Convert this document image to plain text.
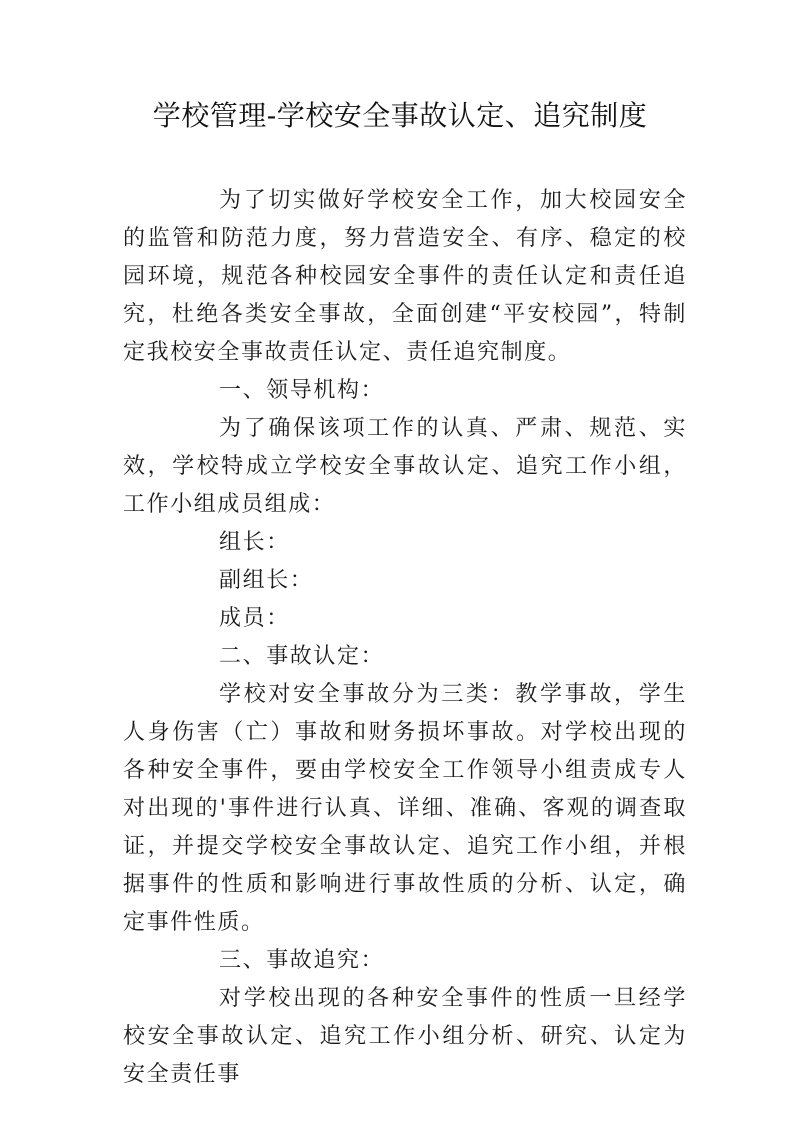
学校管理-学校安全事故认定、追究制度

为了切实做好学校安全工作，加大校园安全的监管和防范力度，努力营造安全、有序、稳定的校园环境，规范各种校园安全事件的责任认定和责任追究，杜绝各类安全事故，全面创建“平安校园”，特制定我校安全事故责任认定、责任追究制度。

一、领导机构：

为了确保该项工作的认真、严肃、规范、实效，学校特成立学校安全事故认定、追究工作小组，工作小组成员组成：

组长：

副组长：

成员：

二、事故认定：

学校对安全事故分为三类：教学事故，学生人身伤害（亡）事故和财务损坏事故。对学校出现的各种安全事件，要由学校安全工作领导小组责成专人对出现的'事件进行认真、详细、准确、客观的调查取证，并提交学校安全事故认定、追究工作小组，并根据事件的性质和影响进行事故性质的分析、认定，确定事件性质。

三、事故追究：

对学校出现的各种安全事件的性质一旦经学校安全事故认定、追究工作小组分析、研究、认定为安全责任事
